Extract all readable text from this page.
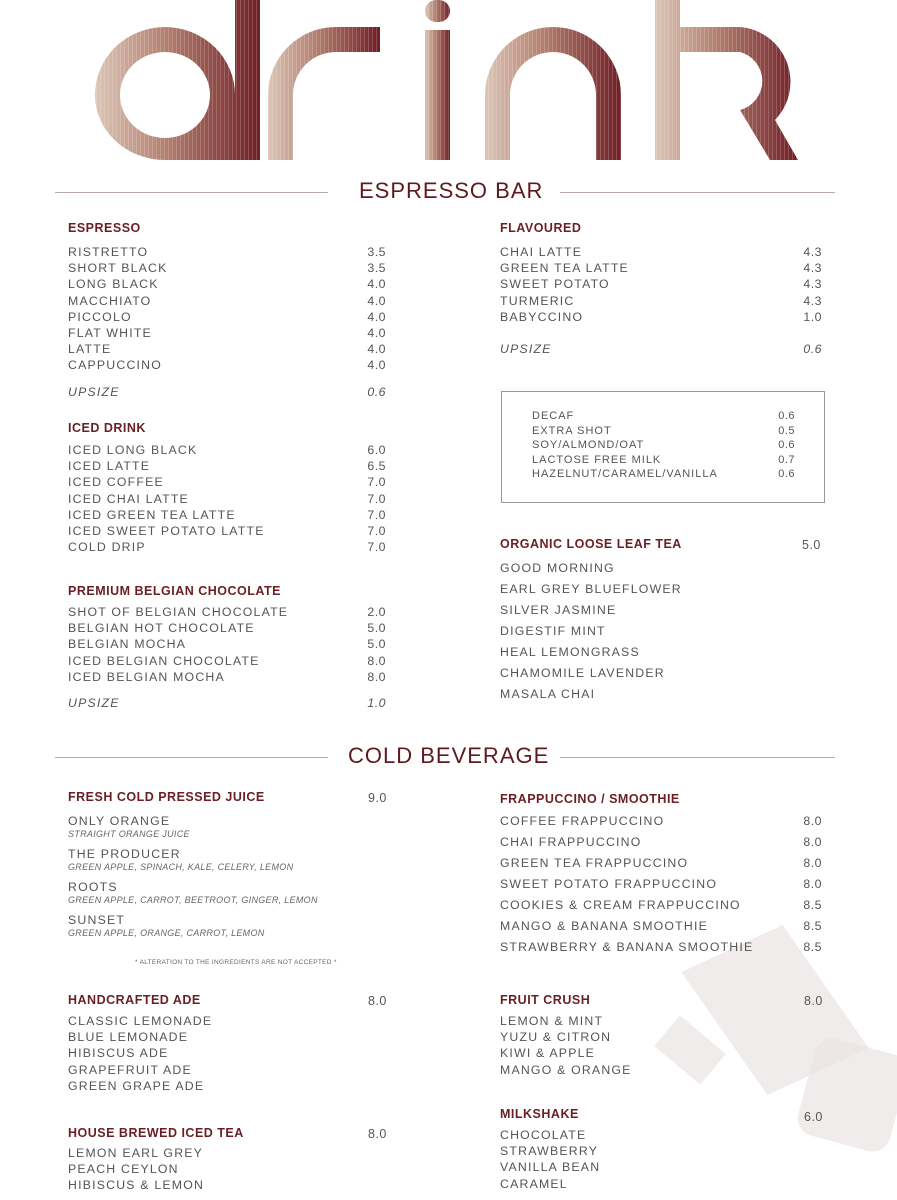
ESPRESSO BAR
ESPRESSO
RISTRETTO	3.5
SHORT BLACK	3.5
LONG BLACK	4.0
MACCHIATO	4.0
PICCOLO	4.0
FLAT WHITE	4.0
LATTE	4.0
CAPPUCCINO	4.0
UPSIZE	0.6
ICED DRINK
ICED LONG BLACK	6.0
ICED LATTE	6.5
ICED COFFEE	7.0
ICED CHAI LATTE	7.0
ICED GREEN TEA LATTE	7.0
ICED SWEET POTATO LATTE	7.0
COLD DRIP	7.0
PREMIUM BELGIAN CHOCOLATE
SHOT OF BELGIAN CHOCOLATE	2.0
BELGIAN HOT CHOCOLATE	5.0
BELGIAN MOCHA	5.0
ICED BELGIAN CHOCOLATE	8.0
ICED BELGIAN MOCHA	8.0
UPSIZE	1.0
FLAVOURED
CHAI LATTE	4.3
GREEN TEA LATTE	4.3
SWEET POTATO	4.3
TURMERIC	4.3
BABYCCINO	1.0
UPSIZE	0.6
DECAF	0.6
EXTRA SHOT	0.5
SOY/ALMOND/OAT	0.6
LACTOSE FREE MILK	0.7
HAZELNUT/CARAMEL/VANILLA	0.6
ORGANIC LOOSE LEAF TEA	5.0
GOOD MORNING
EARL GREY BLUEFLOWER
SILVER JASMINE
DIGESTIF MINT
HEAL LEMONGRASS
CHAMOMILE LAVENDER
MASALA CHAI
COLD BEVERAGE
FRESH COLD PRESSED JUICE	9.0
ONLY ORANGE
STRAIGHT ORANGE JUICE
THE PRODUCER
GREEN APPLE, SPINACH, KALE, CELERY, LEMON
ROOTS
GREEN APPLE, CARROT, BEETROOT, GINGER, LEMON
SUNSET
GREEN APPLE, ORANGE, CARROT, LEMON
* ALTERATION TO THE INGREDIENTS ARE NOT ACCEPTED *
HANDCRAFTED ADE	8.0
CLASSIC LEMONADE
BLUE LEMONADE
HIBISCUS ADE
GRAPEFRUIT ADE
GREEN GRAPE ADE
HOUSE BREWED ICED TEA	8.0
LEMON EARL GREY
PEACH CEYLON
HIBISCUS & LEMON
FRAPPUCCINO / SMOOTHIE
COFFEE FRAPPUCCINO	8.0
CHAI FRAPPUCCINO	8.0
GREEN TEA FRAPPUCCINO	8.0
SWEET POTATO FRAPPUCCINO	8.0
COOKIES & CREAM FRAPPUCCINO	8.5
MANGO & BANANA SMOOTHIE	8.5
STRAWBERRY & BANANA SMOOTHIE	8.5
FRUIT CRUSH	8.0
LEMON & MINT
YUZU & CITRON
KIWI & APPLE
MANGO & ORANGE
MILKSHAKE	6.0
CHOCOLATE
STRAWBERRY
VANILLA BEAN
CARAMEL
